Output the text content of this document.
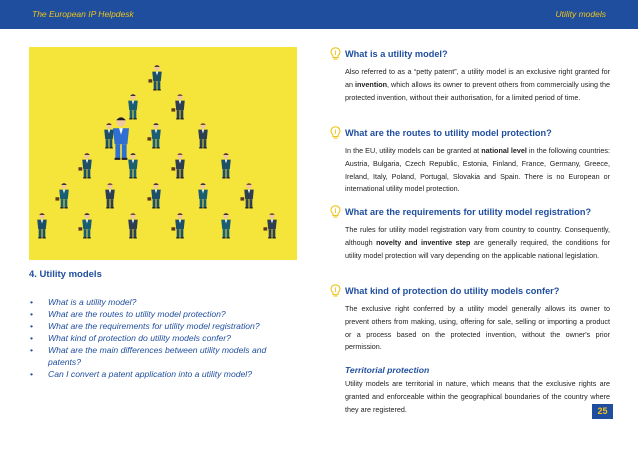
The European IP Helpdesk	Utility models
4. Utility models
• What is a utility model?
• What are the routes to utility model protection?
• What are the requirements for utility model registration?
• What kind of protection do utility models confer?
• What are the main differences between utility models and patents?
• Can I convert a patent application into a utility model?
What is a utility model?

Also referred to as a “petty patent”, a utility model is an exclusive right granted for an invention, which allows its owner to prevent others from commercially using the protected invention, without their authorisation, for a limited period of time.

What are the routes to utility model protection?

In the EU, utility models can be granted at national level in the following countries: Austria, Bulgaria, Czech Republic, Estonia, Finland, France, Germany, Greece, Ireland, Italy, Poland, Portugal, Slovakia and Spain. There is no European or international utility model protection.

What are the requirements for utility model registration?

The rules for utility model registration vary from country to country. Consequently, although novelty and inventive step are generally required, the conditions for utility model protection will vary depending on the applicable national legislation.

What kind of protection do utility models confer?

The exclusive right conferred by a utility model generally allows its owner to prevent others from making, using, offering for sale, selling or importing a product or a process based on the protected invention, without the owner's prior permission.

Territorial protection

Utility models are territorial in nature, which means that the exclusive rights are granted and enforceable within the geographical boundaries of the country where they are registered.	25
